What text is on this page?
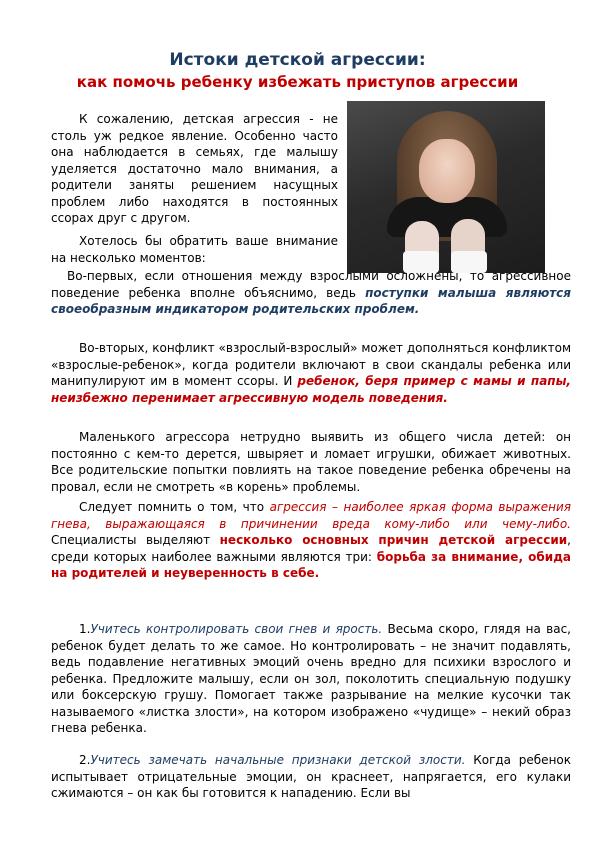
Истоки детской агрессии:
как помочь ребенку избежать приступов агрессии

К сожалению, детская агрессия - не столь уж редкое явление. Особенно часто она наблюдается в семьях, где малышу уделяется достаточно мало внимания, а родители заняты решением насущных проблем либо находятся в постоянных ссорах друг с другом.

Хотелось бы обратить ваше внимание на несколько моментов:

Во-первых, если отношения между взрослыми осложнены, то агрессивное поведение ребенка вполне объяснимо, ведь поступки малыша являются своеобразным индикатором родительских проблем.

Во-вторых, конфликт «взрослый-взрослый» может дополняться конфликтом «взрослые-ребенок», когда родители включают в свои скандалы ребенка или манипулируют им в момент ссоры. И ребенок, беря пример с мамы и папы, неизбежно перенимает агрессивную модель поведения.

Маленького агрессора нетрудно выявить из общего числа детей: он постоянно с кем-то дерется, швыряет и ломает игрушки, обижает животных. Все родительские попытки повлиять на такое поведение ребенка обречены на провал, если не смотреть «в корень» проблемы.

Следует помнить о том, что агрессия – наиболее яркая форма выражения гнева, выражающаяся в причинении вреда кому-либо или чему-либо. Специалисты выделяют несколько основных причин детской агрессии, среди которых наиболее важными являются три: борьба за внимание, обида на родителей и неуверенность в себе.

1.Учитесь контролировать свои гнев и ярость. Весьма скоро, глядя на вас, ребенок будет делать то же самое. Но контролировать – не значит подавлять, ведь подавление негативных эмоций очень вредно для психики взрослого и ребенка. Предложите малышу, если он зол, поколотить специальную подушку или боксерскую грушу. Помогает также разрывание на мелкие кусочки так называемого «листка злости», на котором изображено «чудище» – некий образ гнева ребенка.

2.Учитесь замечать начальные признаки детской злости. Когда ребенок испытывает отрицательные эмоции, он краснеет, напрягается, его кулаки сжимаются – он как бы готовится к нападению. Если вы
